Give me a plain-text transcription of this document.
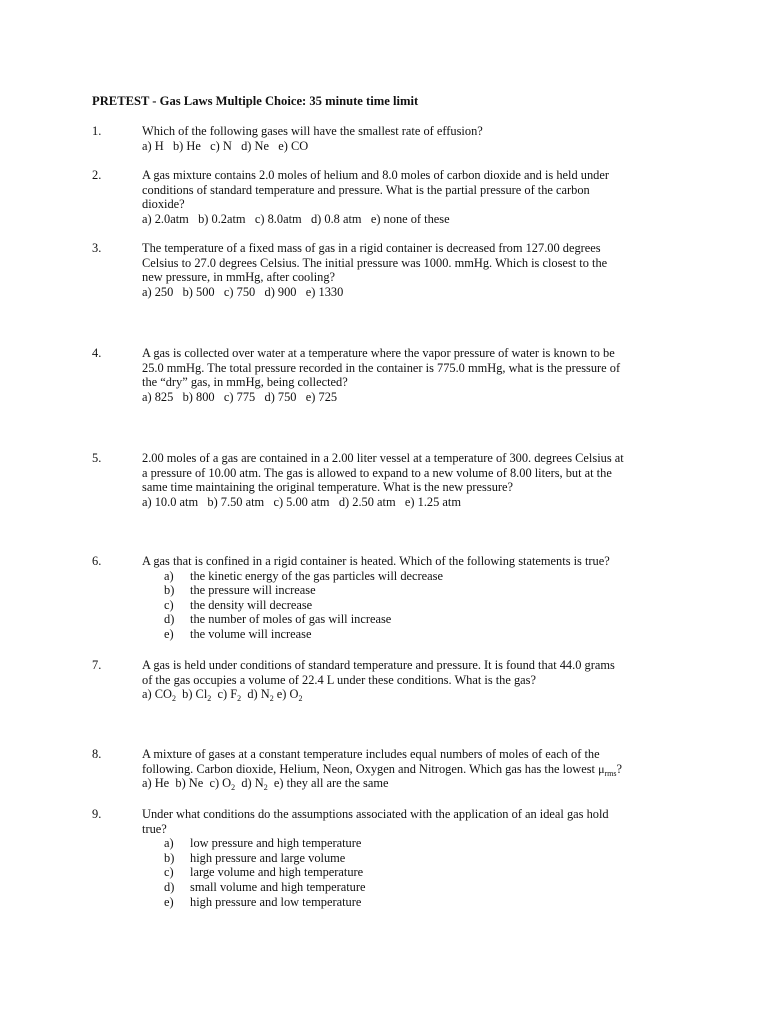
PRETEST - Gas Laws Multiple Choice: 35 minute time limit
1.	Which of the following gases will have the smallest rate of effusion?
a) H   b) He   c) N   d) Ne   e) CO
2.	A gas mixture contains 2.0 moles of helium and 8.0 moles of carbon dioxide and is held under
conditions of standard temperature and pressure. What is the partial pressure of the carbon
dioxide?
a) 2.0atm   b) 0.2atm   c) 8.0atm   d) 0.8 atm   e) none of these
3.	The temperature of a fixed mass of gas in a rigid container is decreased from 127.00 degrees
Celsius to 27.0 degrees Celsius. The initial pressure was 1000. mmHg. Which is closest to the
new pressure, in mmHg, after cooling?
a) 250   b) 500   c) 750   d) 900   e) 1330
4.	A gas is collected over water at a temperature where the vapor pressure of water is known to be
25.0 mmHg. The total pressure recorded in the container is 775.0 mmHg, what is the pressure of
the “dry” gas, in mmHg, being collected?
a) 825   b) 800   c) 775   d) 750   e) 725
5.	2.00 moles of a gas are contained in a 2.00 liter vessel at a temperature of 300. degrees Celsius at
a pressure of 10.00 atm. The gas is allowed to expand to a new volume of 8.00 liters, but at the
same time maintaining the original temperature. What is the new pressure?
a) 10.0 atm   b) 7.50 atm   c) 5.00 atm   d) 2.50 atm   e) 1.25 atm
6.	A gas that is confined in a rigid container is heated. Which of the following statements is true?
a) the kinetic energy of the gas particles will decrease
b) the pressure will increase
c) the density will decrease
d) the number of moles of gas will increase
e) the volume will increase
7.	A gas is held under conditions of standard temperature and pressure. It is found that 44.0 grams
of the gas occupies a volume of 22.4 L under these conditions. What is the gas?
a) $CO_2$ b) $Cl_2$ c) $F_2$ d) $N_2$ e) $O_2$
8.	A mixture of gases at a constant temperature includes equal numbers of moles of each of the
following. Carbon dioxide, Helium, Neon, Oxygen and Nitrogen. Which gas has the lowest $\mu_{rms}$?
a) He b) Ne c) $O_2$ d) $N_2$ e) they all are the same
9.	Under what conditions do the assumptions associated with the application of an ideal gas hold
true?
a) low pressure and high temperature
b) high pressure and large volume
c) large volume and high temperature
d) small volume and high temperature
e) high pressure and low temperature
